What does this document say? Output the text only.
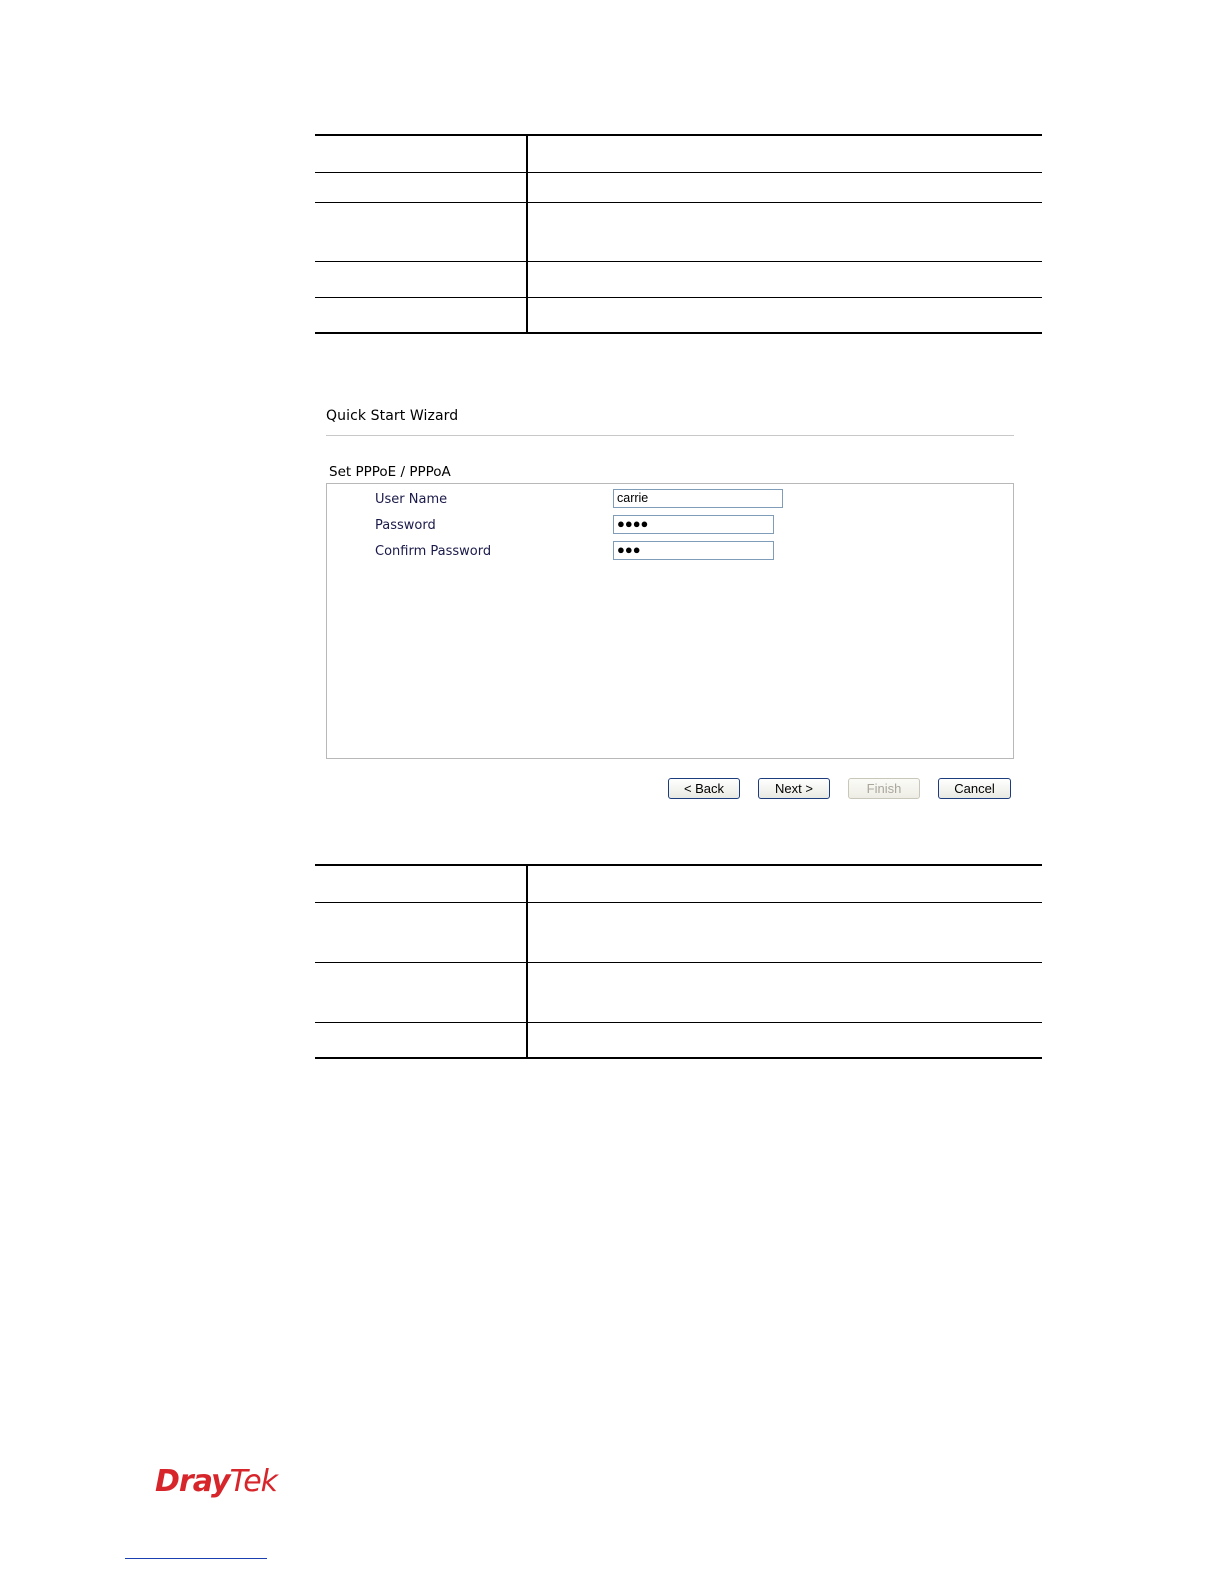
Quick Start Wizard
Set PPPoE / PPPoA
User Name	carrie
Password	●●●●
Confirm Password	●●●
< Back	Next >	Finish	Cancel

DrayTek
